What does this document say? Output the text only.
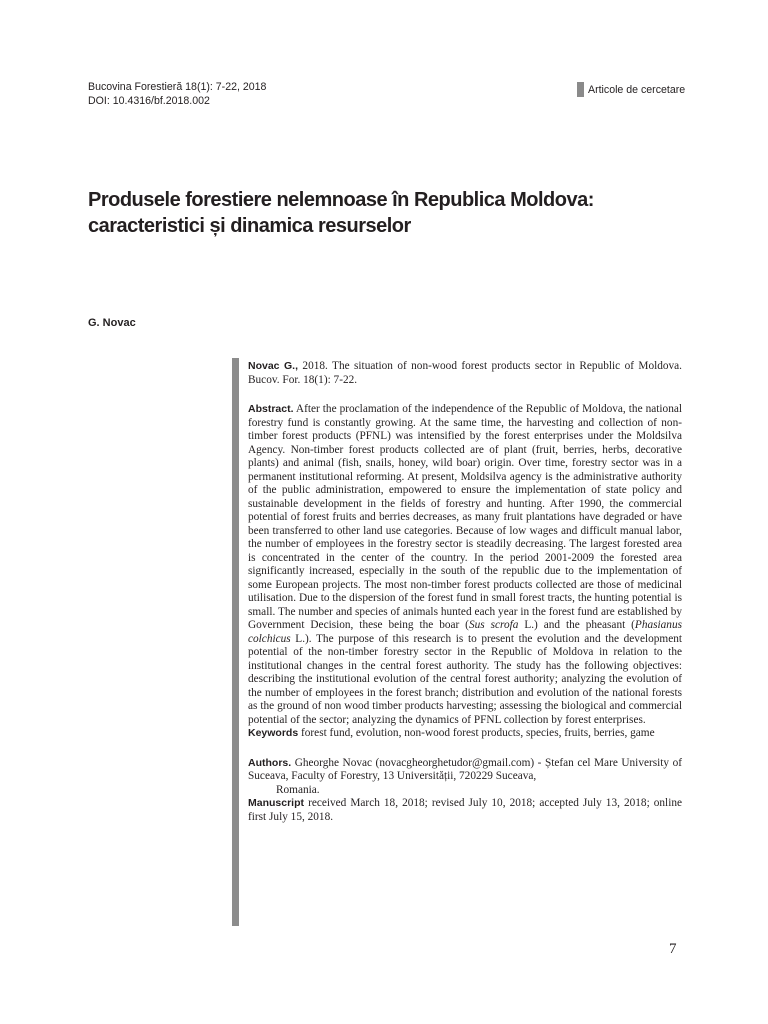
Bucovina Forestieră 18(1): 7-22, 2018
DOI: 10.4316/bf.2018.002
Articole de cercetare
Produsele forestiere nelemnoase în Republica Moldova:
caracteristici și dinamica resurselor
G. Novac

Novac G., 2018. The situation of non-wood forest products sector in Republic of Moldova. Bucov. For. 18(1): 7-22.

Abstract. After the proclamation of the independence of the Republic of Moldova, the national forestry fund is constantly growing. At the same time, the harvesting and collection of non-timber forest products (PFNL) was intensified by the forest enterprises under the Moldsilva Agency. Non-timber forest products collected are of plant (fruit, berries, herbs, decorative plants) and animal (fish, snails, honey, wild boar) origin. Over time, forestry sector was in a permanent institutional reforming. At present, Moldsilva agency is the administrative authority of the public administration, empowered to ensure the implementation of state policy and sustainable development in the fields of forestry and hunting. After 1990, the commercial potential of forest fruits and berries decreases, as many fruit plantations have degraded or have been transferred to other land use categories. Because of low wages and difficult manual labor, the number of employees in the forestry sector is steadily decreasing. The largest forested area is concentrated in the center of the country. In the period 2001-2009 the forested area significantly increased, especially in the south of the republic due to the implementation of some European projects. The most non-timber forest products collected are those of medicinal utilisation. Due to the dispersion of the forest fund in small forest tracts, the hunting potential is small. The number and species of animals hunted each year in the forest fund are established by Government Decision, these being the boar (Sus scrofa L.) and the pheasant (Phasianus colchicus L.). The purpose of this research is to present the evolution and the development potential of the non-timber forestry sector in the Republic of Moldova in relation to the institutional changes in the central forest authority. The study has the following objectives: describing the institutional evolution of the central forest authority; analyzing the evolution of the number of employees in the forest branch; distribution and evolution of the national forests as the ground of non wood timber products harvesting; assessing the biological and commercial potential of the sector; analyzing the dynamics of PFNL collection by forest enterprises.

Keywords forest fund, evolution, non-wood forest products, species, fruits, berries, game

Authors. Gheorghe Novac (novacgheorghetudor@gmail.com) - Ștefan cel Mare University of Suceava, Faculty of Forestry, 13 Universității, 720229 Suceava,
Romania.

Manuscript received March 18, 2018; revised July 10, 2018; accepted July 13, 2018; online first July 15, 2018.

7
